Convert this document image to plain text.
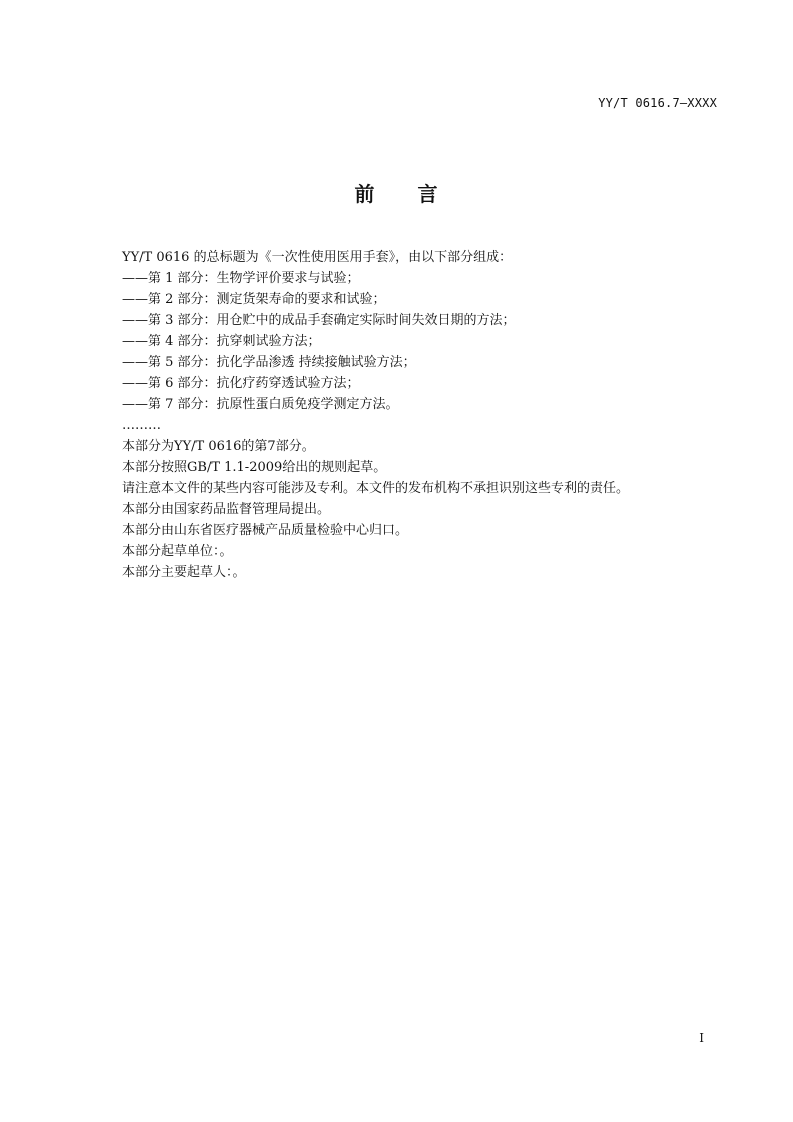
YY/T 0616.7—XXXX
前 言
YY/T 0616 的总标题为《一次性使用医用手套》，由以下部分组成：
——第 1 部分：生物学评价要求与试验；
——第 2 部分：测定货架寿命的要求和试验；
——第 3 部分：用仓贮中的成品手套确定实际时间失效日期的方法；
——第 4 部分：抗穿刺试验方法；
——第 5 部分：抗化学品渗透 持续接触试验方法；
——第 6 部分：抗化疗药穿透试验方法；
——第 7 部分：抗原性蛋白质免疫学测定方法。
………
本部分为YY/T 0616的第7部分。
本部分按照GB/T 1.1-2009给出的规则起草。
请注意本文件的某些内容可能涉及专利。本文件的发布机构不承担识别这些专利的责任。
本部分由国家药品监督管理局提出。
本部分由山东省医疗器械产品质量检验中心归口。
本部分起草单位：。
本部分主要起草人：。
I
